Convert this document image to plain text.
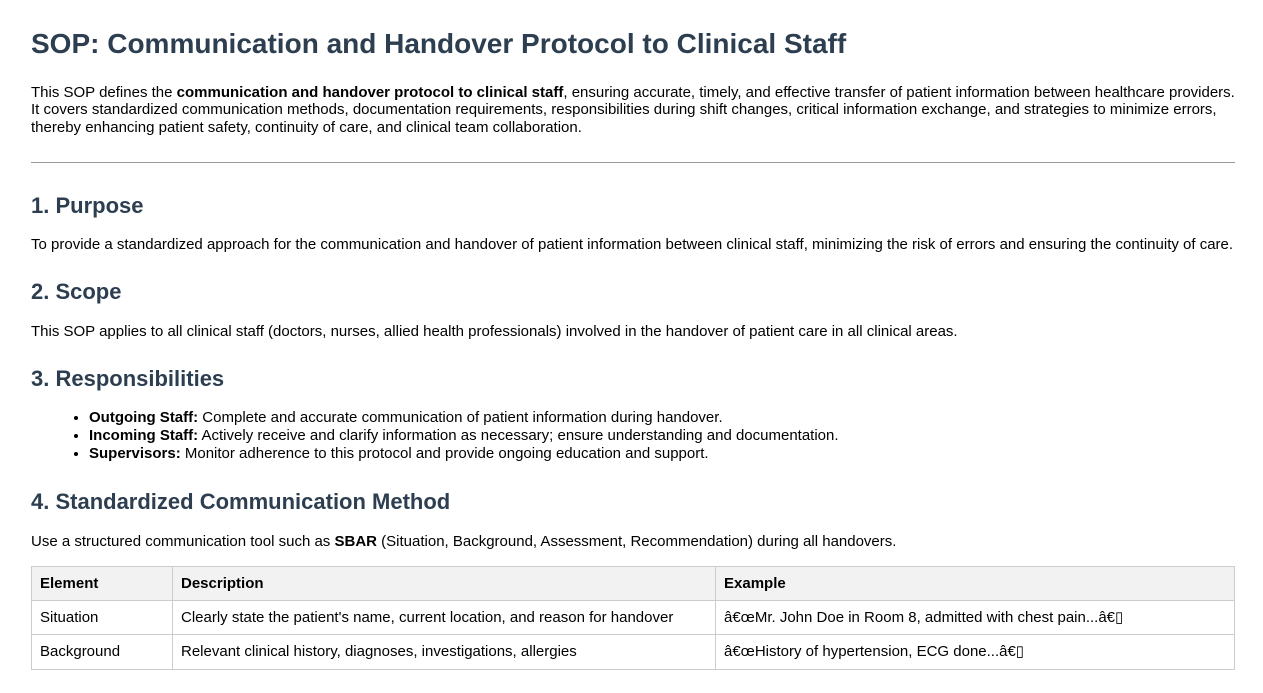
SOP: Communication and Handover Protocol to Clinical Staff

This SOP defines the communication and handover protocol to clinical staff, ensuring accurate, timely, and effective transfer of patient information between healthcare providers. It covers standardized communication methods, documentation requirements, responsibilities during shift changes, critical information exchange, and strategies to minimize errors, thereby enhancing patient safety, continuity of care, and clinical team collaboration.

1. Purpose

To provide a standardized approach for the communication and handover of patient information between clinical staff, minimizing the risk of errors and ensuring the continuity of care.

2. Scope

This SOP applies to all clinical staff (doctors, nurses, allied health professionals) involved in the handover of patient care in all clinical areas.

3. Responsibilities
• Outgoing Staff: Complete and accurate communication of patient information during handover.
• Incoming Staff: Actively receive and clarify information as necessary; ensure understanding and documentation.
• Supervisors: Monitor adherence to this protocol and provide ongoing education and support.
4. Standardized Communication Method

Use a structured communication tool such as SBAR (Situation, Background, Assessment, Recommendation) during all handovers.

Element	Description	Example
Situation	Clearly state the patient's name, current location, and reason for handover	â€œMr. John Doe in Room 8, admitted with chest pain...â€▯
Background	Relevant clinical history, diagnoses, investigations, allergies	â€œHistory of hypertension, ECG done...â€▯
